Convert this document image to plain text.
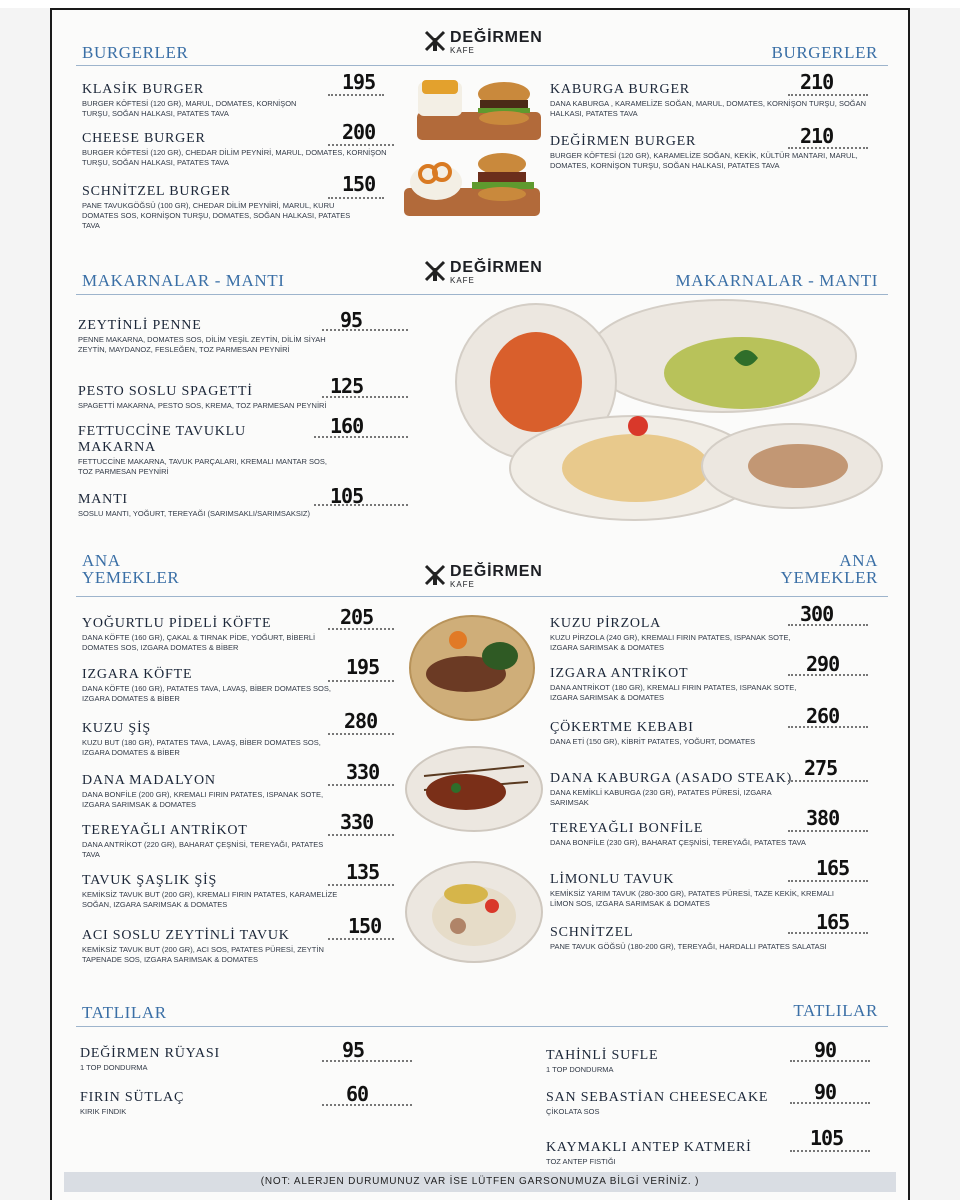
BURGERLER	BURGERLER
DEĞİRMEN
KAFE
KLASİK BURGER
BURGER KÖFTESİ (120 GR), MARUL, DOMATES, KORNİŞON TURŞU, SOĞAN HALKASI, PATATES TAVA
195
CHEESE BURGER
BURGER KÖFTESİ (120 GR), CHEDAR DİLİM PEYNİRİ, MARUL, DOMATES, KORNİŞON TURŞU, SOĞAN HALKASI, PATATES TAVA
200
SCHNİTZEL BURGER
PANE TAVUKGÖĞSÜ (100 GR), CHEDAR DİLİM PEYNİRİ, MARUL, KURU DOMATES SOS, KORNİŞON TURŞU, DOMATES, SOĞAN HALKASI, PATATES TAVA
150
KABURGA BURGER
DANA KABURGA , KARAMELİZE SOĞAN, MARUL, DOMATES, KORNİŞON TURŞU, SOĞAN HALKASI, PATATES TAVA
210
DEĞİRMEN BURGER
BURGER KÖFTESİ (120 GR), KARAMELİZE SOĞAN, KEKİK, KÜLTÜR MANTARI, MARUL, DOMATES, KORNİŞON TURŞU, SOĞAN HALKASI, PATATES TAVA
210
MAKARNALAR - MANTI	MAKARNALAR - MANTI
DEĞİRMEN
KAFE
ZEYTİNLİ PENNE
PENNE MAKARNA, DOMATES SOS, DİLİM YEŞİL ZEYTİN, DİLİM SİYAH ZEYTİN, MAYDANOZ, FESLEĞEN, TOZ PARMESAN PEYNİRİ
95
PESTO SOSLU SPAGETTİ
SPAGETTİ MAKARNA, PESTO SOS, KREMA, TOZ PARMESAN PEYNİRİ
125
FETTUCCİNE TAVUKLU MAKARNA
FETTUCCİNE MAKARNA, TAVUK PARÇALARI, KREMALI MANTAR SOS, TOZ PARMESAN PEYNİRİ
160
MANTI
SOSLU MANTI, YOĞURT, TEREYAĞI (SARIMSAKLI/SARIMSAKSIZ)
105
ANA
YEMEKLER
ANA
YEMEKLER
DEĞİRMEN
KAFE
YOĞURTLU PİDELİ KÖFTE
DANA KÖFTE (160 GR), ÇAKAL & TIRNAK PİDE, YOĞURT, BİBERLİ DOMATES SOS, IZGARA DOMATES & BİBER
205
IZGARA KÖFTE
DANA KÖFTE (160 GR), PATATES TAVA, LAVAŞ, BİBER DOMATES SOS, IZGARA DOMATES & BİBER
195
KUZU ŞİŞ
KUZU BUT (180 GR), PATATES TAVA, LAVAŞ, BİBER DOMATES SOS, IZGARA DOMATES & BİBER
280
DANA MADALYON
DANA BONFİLE (200 GR), KREMALI FIRIN PATATES, ISPANAK SOTE, IZGARA SARIMSAK & DOMATES
330
TEREYAĞLI ANTRİKOT
DANA ANTRİKOT (220 GR), BAHARAT ÇEŞNİSİ, TEREYAĞI, PATATES TAVA
330
TAVUK ŞAŞLIK ŞİŞ
KEMİKSİZ TAVUK BUT (200 GR), KREMALI FIRIN PATATES, KARAMELİZE SOĞAN, IZGARA SARIMSAK & DOMATES
135
ACI SOSLU ZEYTİNLİ TAVUK
KEMİKSİZ TAVUK BUT (200 GR), ACI SOS, PATATES PÜRESİ, ZEYTİN TAPENADE SOS, IZGARA SARIMSAK & DOMATES
150
KUZU PİRZOLA
KUZU PİRZOLA (240 GR), KREMALI FIRIN PATATES, ISPANAK SOTE, IZGARA SARIMSAK & DOMATES
300
IZGARA ANTRİKOT
DANA ANTRİKOT (180 GR), KREMALI FIRIN PATATES, ISPANAK SOTE, IZGARA SARIMSAK & DOMATES
290
ÇÖKERTME KEBABI
DANA ETİ (150 GR), KİBRİT PATATES, YOĞURT, DOMATES
260
DANA KABURGA (ASADO STEAK)
DANA KEMİKLİ KABURGA (230 GR), PATATES PÜRESİ, IZGARA SARIMSAK
275
TEREYAĞLI BONFİLE
DANA BONFİLE (230 GR), BAHARAT ÇEŞNİSİ, TEREYAĞI, PATATES TAVA
380
LİMONLU TAVUK
KEMİKSİZ YARIM TAVUK (280-300 GR), PATATES PÜRESİ, TAZE KEKİK, KREMALI LİMON SOS, IZGARA SARIMSAK & DOMATES
165
SCHNİTZEL
PANE TAVUK GÖĞSÜ (180-200 GR), TEREYAĞI, HARDALLI PATATES SALATASI
165
TATLILAR	TATLILAR
DEĞİRMEN RÜYASI
1 TOP DONDURMA
95
FIRIN SÜTLAÇ
KIRIK FINDIK
60
TAHİNLİ SUFLE
1 TOP DONDURMA
90
SAN SEBASTİAN CHEESECAKE
ÇİKOLATA SOS
90
KAYMAKLI ANTEP KATMERİ
TOZ ANTEP FISTIĞI
105
(NOT: ALERJEN DURUMUNUZ VAR İSE LÜTFEN GARSONUMUZA BİLGİ VERİNİZ. )
